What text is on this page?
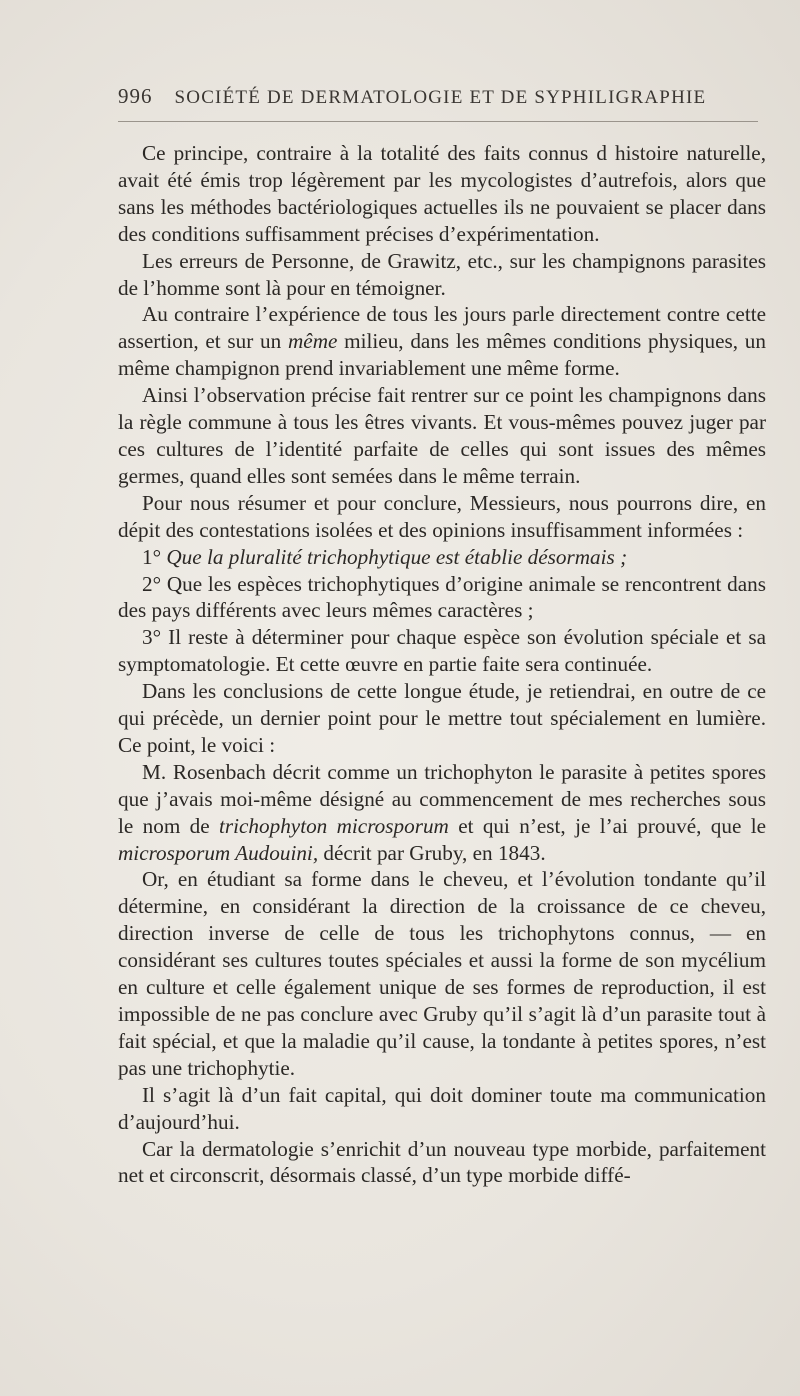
996 SOCIÉTÉ DE DERMATOLOGIE ET DE SYPHILIGRAPHIE

Ce principe, contraire à la totalité des faits connus d histoire naturelle, avait été émis trop légèrement par les mycologistes d’autrefois, alors que sans les méthodes bactériologiques actuelles ils ne pouvaient se placer dans des conditions suffisamment précises d’expérimentation.

Les erreurs de Personne, de Grawitz, etc., sur les champignons parasites de l’homme sont là pour en témoigner.

Au contraire l’expérience de tous les jours parle directement contre cette assertion, et sur un même milieu, dans les mêmes conditions physiques, un même champignon prend invariablement une même forme.

Ainsi l’observation précise fait rentrer sur ce point les champignons dans la règle commune à tous les êtres vivants. Et vous-mêmes pouvez juger par ces cultures de l’identité parfaite de celles qui sont issues des mêmes germes, quand elles sont semées dans le même terrain.

Pour nous résumer et pour conclure, Messieurs, nous pourrons dire, en dépit des contestations isolées et des opinions insuffisamment informées :

1° Que la pluralité trichophytique est établie désormais ;

2° Que les espèces trichophytiques d’origine animale se rencontrent dans des pays différents avec leurs mêmes caractères ;

3° Il reste à déterminer pour chaque espèce son évolution spéciale et sa symptomatologie. Et cette œuvre en partie faite sera continuée.

Dans les conclusions de cette longue étude, je retiendrai, en outre de ce qui précède, un dernier point pour le mettre tout spécialement en lumière. Ce point, le voici :

M. Rosenbach décrit comme un trichophyton le parasite à petites spores que j’avais moi-même désigné au commencement de mes recherches sous le nom de trichophyton microsporum et qui n’est, je l’ai prouvé, que le microsporum Audouini, décrit par Gruby, en 1843.

Or, en étudiant sa forme dans le cheveu, et l’évolution tondante qu’il détermine, en considérant la direction de la croissance de ce cheveu, direction inverse de celle de tous les trichophytons connus, — en considérant ses cultures toutes spéciales et aussi la forme de son mycélium en culture et celle également unique de ses formes de reproduction, il est impossible de ne pas conclure avec Gruby qu’il s’agit là d’un parasite tout à fait spécial, et que la maladie qu’il cause, la tondante à petites spores, n’est pas une trichophytie.

Il s’agit là d’un fait capital, qui doit dominer toute ma communication d’aujourd’hui.

Car la dermatologie s’enrichit d’un nouveau type morbide, parfaitement net et circonscrit, désormais classé, d’un type morbide diffé-
